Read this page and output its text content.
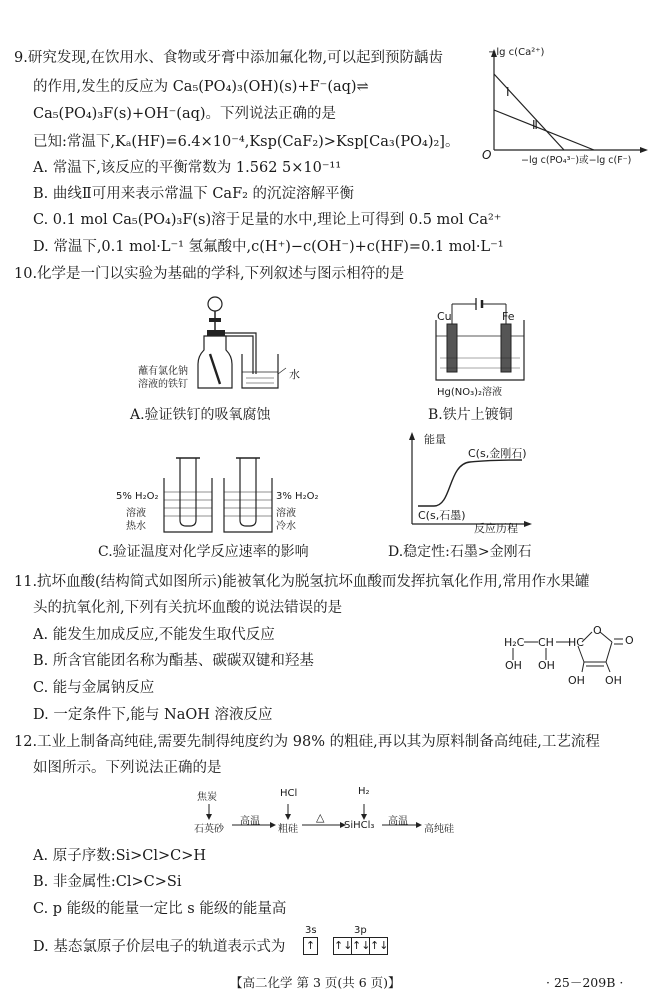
9.研究发现,在饮用水、食物或牙膏中添加氟化物,可以起到预防龋齿
的作用,发生的反应为 Ca₅(PO₄)₃(OH)(s)+F⁻(aq)⇌
Ca₅(PO₄)₃F(s)+OH⁻(aq)。下列说法正确的是
已知:常温下,Kₐ(HF)=6.4×10⁻⁴,Ksp(CaF₂)>Ksp[Ca₃(PO₄)₂]。
A. 常温下,该反应的平衡常数为 1.562 5×10⁻¹¹
B. 曲线Ⅱ可用来表示常温下 CaF₂ 的沉淀溶解平衡
C. 0.1 mol Ca₅(PO₄)₃F(s)溶于足量的水中,理论上可得到 0.5 mol Ca²⁺
D. 常温下,0.1 mol·L⁻¹ 氢氟酸中,c(H⁺)−c(OH⁻)+c(HF)=0.1 mol·L⁻¹
−lg c(Ca²⁺)
Ⅰ
Ⅱ
O	−lg c(PO₄³⁻)或−lg c(F⁻)
10.化学是一门以实验为基础的学科,下列叙述与图示相符的是
蘸有氯化钠
溶液的铁钉
水
A.验证铁钉的吸氧腐蚀
Cu	Fe
Hg(NO₃)₂溶液
B.铁片上镀铜
5% H₂O₂
溶液
热水
3% H₂O₂
溶液
冷水
C.验证温度对化学反应速率的影响
能量
C(s,金刚石)
C(s,石墨)
反应历程
D.稳定性:石墨>金刚石
11.抗坏血酸(结构简式如图所示)能被氧化为脱氢抗坏血酸而发挥抗氧化作用,常用作水果罐
头的抗氧化剂,下列有关抗坏血酸的说法错误的是
A. 能发生加成反应,不能发生取代反应
B. 所含官能团名称为酯基、碳碳双键和羟基
C. 能与金属钠反应
D. 一定条件下,能与 NaOH 溶液反应
H₂C CH HC
O
O
OH OH
OH OH
12.工业上制备高纯硅,需要先制得纯度约为 98% 的粗硅,再以其为原料制备高纯硅,工艺流程
如图所示。下列说法正确的是
焦炭	HCl	H₂
石英砂
高温
粗硅
△
SiHCl₃ 高温
高纯硅
A. 原子序数:Si>Cl>C>H
B. 非金属性:Cl>C>Si
C. p 能级的能量一定比 s 能级的能量高
D. 基态氯原子价层电子的轨道表示式为
3s	3p
↑ ↑↓↑↓↑↓
【高二化学 第 3 页(共 6 页)】	· 25－209B ·
